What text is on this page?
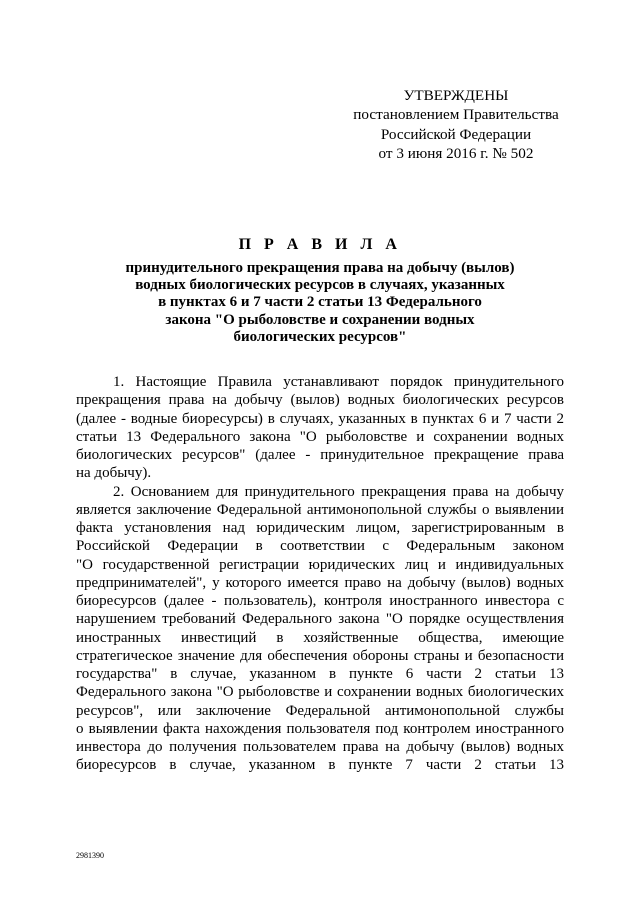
УТВЕРЖДЕНЫ
постановлением Правительства
Российской Федерации
от 3 июня 2016 г. № 502
П Р А В И Л А
принудительного прекращения права на добычу (вылов)
водных биологических ресурсов в случаях, указанных
в пунктах 6 и 7 части 2 статьи 13 Федерального
закона "О рыболовстве и сохранении водных
биологических ресурсов"
1. Настоящие Правила устанавливают порядок принудительного
прекращения права на добычу (вылов) водных биологических ресурсов
(далее - водные биоресурсы) в случаях, указанных в пунктах 6 и 7 части 2
статьи 13 Федерального закона "О рыболовстве и сохранении водных
биологических ресурсов" (далее - принудительное прекращение права
на добычу).
2. Основанием для принудительного прекращения права на добычу
является заключение Федеральной антимонопольной службы о выявлении
факта установления над юридическим лицом, зарегистрированным в
Российской Федерации в соответствии с Федеральным законом
"О государственной регистрации юридических лиц и индивидуальных
предпринимателей", у которого имеется право на добычу (вылов) водных
биоресурсов (далее - пользователь), контроля иностранного инвестора с
нарушением требований Федерального закона "О порядке осуществления
иностранных инвестиций в хозяйственные общества, имеющие
стратегическое значение для обеспечения обороны страны и безопасности
государства" в случае, указанном в пункте 6 части 2 статьи 13
Федерального закона "О рыболовстве и сохранении водных биологических
ресурсов", или заключение Федеральной антимонопольной службы
о выявлении факта нахождения пользователя под контролем иностранного
инвестора до получения пользователем права на добычу (вылов) водных
биоресурсов в случае, указанном в пункте 7 части 2 статьи 13
2981390
